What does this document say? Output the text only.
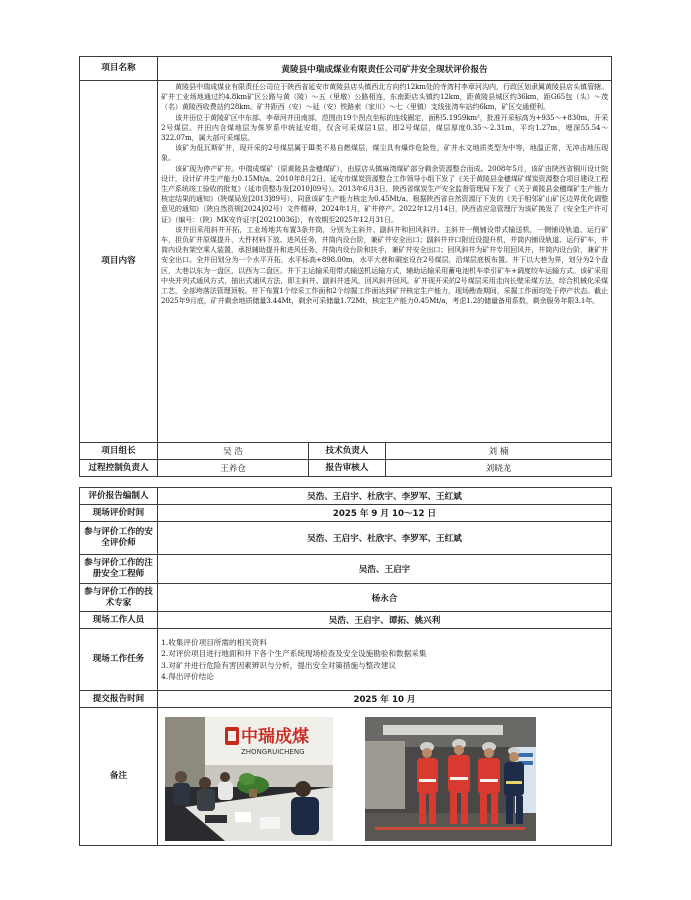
项目名称	黄陵县中瑞成煤业有限责任公司矿井安全现状评价报告		
项目内容	黄陵县中瑞成煤业有限责任公司位于陕西省延安市黄陵县店头镇西北方向约12km处的寺湾村李章河沟内，行政区划隶属黄陵县店头镇管辖。矿井工业场地通过约4.8km矿区公路与黄（陵）～五（里墩）公路相连，东南距店头镇约12km，距黄陵县城区约36km，距G65包（头）～茂（名）黄陵西收费站约28km。矿井距西（安）～延（安）铁路索（家川）～七（里镇）支线张湾车站约6km，矿区交通便利。

该井田位于黄陵矿区中东部、李章河井田南部，范围由19个拐点坐标的连线圈定，面积5.1959km²，批准开采标高为+935～+830m，开采2号煤层。井田内含煤地层为侏罗系中统延安组，仅含可采煤层1层，即2号煤层，煤层厚度0.35～2.31m，平均1.27m，埋深55.54～322.07m，属大部可采煤层。

该矿为低瓦斯矿井，现开采的2号煤层属于Ⅲ类不易自燃煤层，煤尘具有爆炸危险性，矿井水文地质类型为中等，地温正常，无冲击地压现象。

该矿现为停产矿井。中瑞成煤矿（原黄陵县金穗煤矿），由原店头镇麻湾煤矿部分剩余资源整合而成。2008年5月，该矿由陕西省铜川设计院设计，设计矿井生产能力0.15Mt/a。2010年8月2日，延安市煤炭资源整合工作领导小组下发了《关于黄陵县金穗煤矿煤炭资源整合项目建设工程生产系统竣工验收的批复》（延市资整办发[2010]09号）。2013年6月3日，陕西省煤炭生产安全监督管理局下发了《关于黄陵县金穗煤矿生产能力核定结果的通知》（陕煤局发[2013]89号），同意该矿生产能力核定为0.45Mt/a。根据陕西省自然资源厅下发的《关于相邻矿山矿区边界优化调整意见的通知》（陕自然资规[2024]02号）文件精神，2024年1月，矿井停产。2022年12月14日，陕西省应急管理厅为该矿换发了《安全生产许可证》（编号：（陕）MK安许证字[20210036]），有效期至2025年12月31日。

该井田采用斜井开拓，工业场地共布置3条井筒，分别为主斜井、副斜井和回风斜井。主斜井一侧铺设带式输送机，一侧铺设轨道、运行矿车，担负矿井原煤提升、大件材料下放、进风任务，井筒内设台阶，兼矿井安全出口；副斜井井口附近设提升机，井筒内铺设轨道、运行矿车，井筒内设有架空乘人装置，承担辅助提升和进风任务、井筒内设台阶和扶手，兼矿井安全出口；回风斜井为矿井专用回风井，井筒内设台阶，兼矿井安全出口。全井田划分为一个水平开拓，水平标高+898.00m，水平大巷和硐室设在2号煤层，沿煤层底板布置。井下以大巷为界，划分为2个盘区，大巷以东为一盘区，以西为二盘区。井下主运输采用带式输送机运输方式，辅助运输采用蓄电池机车牵引矿车+调度绞车运输方式。该矿采用中央并列式通风方式，抽出式通风方法，即主斜井、副斜井进风，回风斜井回风。矿井现开采的2号煤层采用走向长壁采煤方法，综合机械化采煤工艺，全部垮落法管理顶板。井下布置1个综采工作面和2个综掘工作面达到矿井核定生产能力，现场勘查期间，采掘工作面均处于停产状态。截止2025年9月底，矿井剩余地质储量3.44Mt，剩余可采储量1.72Mt，核定生产能力0.45Mt/a，考虑1.2的储量备用系数，剩余服务年限3.1年。		

项目组长	吴 浩	技术负责人	刘 楠
过程控制负责人	王养仓	报告审核人	刘晓龙
评价报告编制人	吴浩、王启宇、杜欣宇、李罗军、王红斌
现场评价时间	2025 年 9 月 10～12 日
参与评价工作的安全评价师	吴浩、王启宇、杜欣宇、李罗军、王红斌
参与评价工作的注册安全工程师	吴浩、王启宇
参与评价工作的技术专家	杨永合
现场工作人员	吴浩、王启宇、谭拓、姚兴利
现场工作任务	1.收集评价项目所需的相关资料
2.对评价项目进行地面和井下各个生产系统现场检查及安全设施勘验和数据采集
3.对矿井进行危险有害因素辨识与分析，提出安全对策措施与整改建议
4.得出评价结论

提交报告时间	2025 年 10 月
备注	中瑞成煤
ZHONGRUICHENG
